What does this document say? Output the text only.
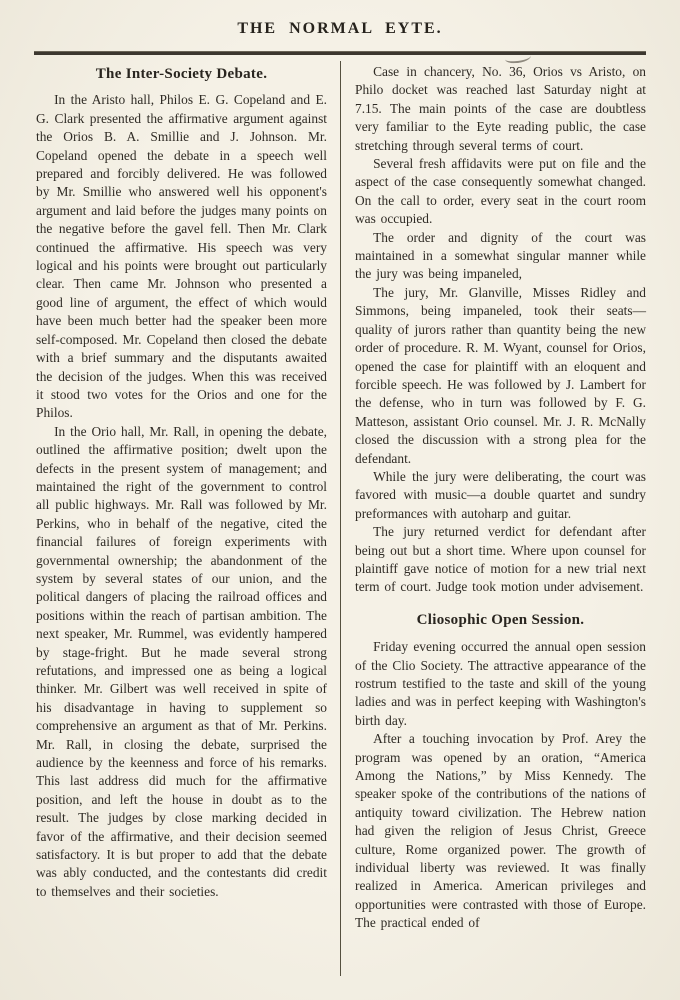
THE NORMAL EYTE.
The Inter-Society Debate.

In the Aristo hall, Philos E. G. Copeland and E. G. Clark presented the affirmative argument against the Orios B. A. Smillie and J. Johnson. Mr. Copeland opened the debate in a speech well prepared and forcibly delivered. He was followed by Mr. Smillie who answered well his opponent's argument and laid before the judges many points on the negative before the gavel fell. Then Mr. Clark continued the affirmative. His speech was very logical and his points were brought out particularly clear. Then came Mr. Johnson who presented a good line of argument, the effect of which would have been much better had the speaker been more self-composed. Mr. Copeland then closed the debate with a brief summary and the disputants awaited the decision of the judges. When this was received it stood two votes for the Orios and one for the Philos.

In the Orio hall, Mr. Rall, in opening the debate, outlined the affirmative position; dwelt upon the defects in the present system of management; and maintained the right of the government to control all public highways. Mr. Rall was followed by Mr. Perkins, who in behalf of the negative, cited the financial failures of foreign experiments with governmental ownership; the abandonment of the system by several states of our union, and the political dangers of placing the railroad offices and positions within the reach of partisan ambition. The next speaker, Mr. Rummel, was evidently hampered by stage-fright. But he made several strong refutations, and impressed one as being a logical thinker. Mr. Gilbert was well received in spite of his disadvantage in having to supplement so comprehensive an argument as that of Mr. Perkins. Mr. Rall, in closing the debate, surprised the audience by the keenness and force of his remarks. This last address did much for the affirmative position, and left the house in doubt as to the result. The judges by close marking decided in favor of the affirmative, and their decision seemed satisfactory. It is but proper to add that the debate was ably conducted, and the contestants did credit to themselves and their societies.

Case in chancery, No. 36, Orios vs Aristo, on Philo docket was reached last Saturday night at 7.15. The main points of the case are doubtless very familiar to the Eyte reading public, the case stretching through several terms of court.

Several fresh affidavits were put on file and the aspect of the case consequently somewhat changed. On the call to order, every seat in the court room was occupied.

The order and dignity of the court was maintained in a somewhat singular manner while the jury was being impaneled,

The jury, Mr. Glanville, Misses Ridley and Simmons, being impaneled, took their seats—quality of jurors rather than quantity being the new order of procedure. R. M. Wyant, counsel for Orios, opened the case for plaintiff with an eloquent and forcible speech. He was followed by J. Lambert for the defense, who in turn was followed by F. G. Matteson, assistant Orio counsel. Mr. J. R. McNally closed the discussion with a strong plea for the defendant.

While the jury were deliberating, the court was favored with music—a double quartet and sundry preformances with autoharp and guitar.

The jury returned verdict for defendant after being out but a short time. Where upon counsel for plaintiff gave notice of motion for a new trial next term of court. Judge took motion under advisement.

Cliosophic Open Session.

Friday evening occurred the annual open session of the Clio Society. The attractive appearance of the rostrum testified to the taste and skill of the young ladies and was in perfect keeping with Washington's birth day.

After a touching invocation by Prof. Arey the program was opened by an oration, “America Among the Nations,” by Miss Kennedy. The speaker spoke of the contributions of the nations of antiquity toward civilization. The Hebrew nation had given the religion of Jesus Christ, Greece culture, Rome organized power. The growth of individual liberty was reviewed. It was finally realized in America. American privileges and opportunities were contrasted with those of Europe. The practical ended of
